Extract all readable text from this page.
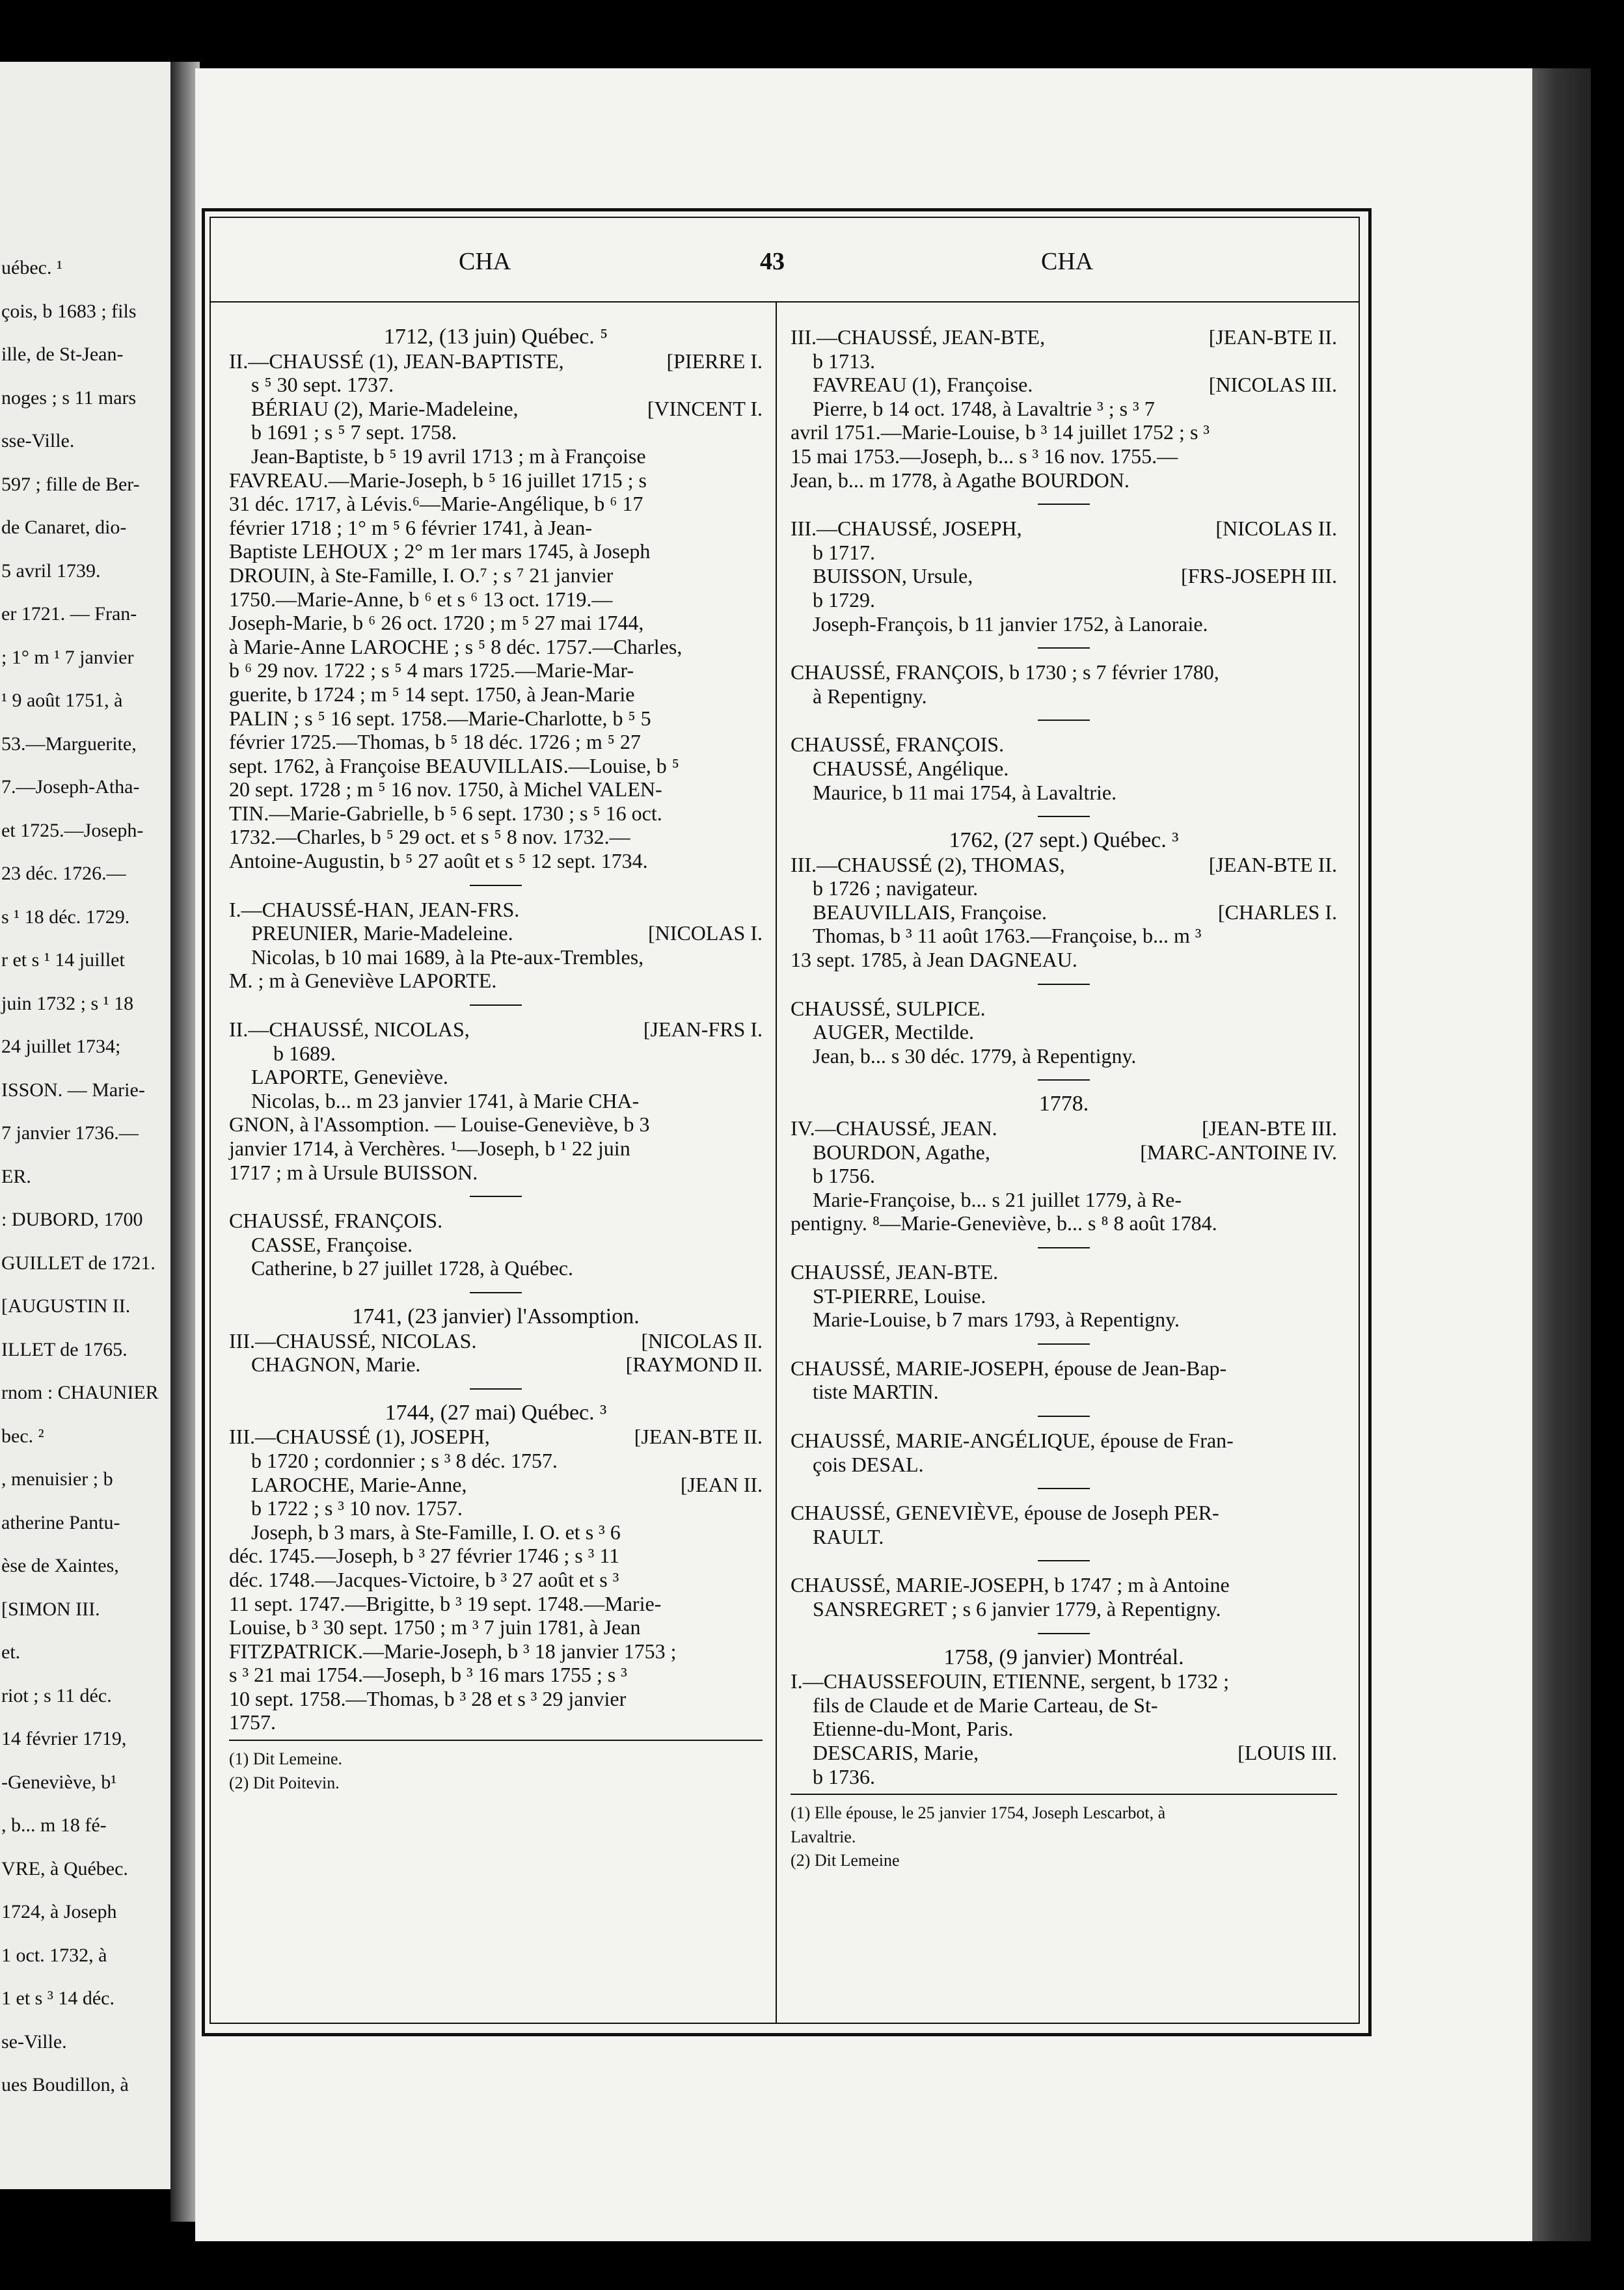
uébec. ¹
çois, b 1683 ; fils
ille, de St-Jean-
nоges ; s 11 mars
sse-Ville.
597 ; fille de Ber-
de Canaret, dio-
5 avril 1739.
er 1721. — Fran-
; 1° m ¹ 7 janvier
¹ 9 août 1751, à
53.—Marguerite,
7.—Joseph-Atha-
et 1725.—Joseph-
23 déc. 1726.—
s ¹ 18 déc. 1729.
r et s ¹ 14 juillet
juin 1732 ; s ¹ 18
24 juillet 1734;
ISSON. — Marie-
7 janvier 1736.—
ER.
: DUBORD, 1700
GUILLET de 1721.
[AUGUSTIN II.
ILLET de 1765.
rnom : CHAUNIER
bec. ²
, menuisier ; b
atherine Pantu-
èse de Xaintes,
[SIMON III.
et.
riot ; s 11 déc.
14 février 1719,
-Geneviève, b¹
, b... m 18 fé-
VRE, à Québec.
1724, à Joseph
1 oct. 1732, à
1 et s ³ 14 déc.
se-Ville.
ues Boudillon, à
CHA	43	CHA
1712, (13 juin) Québec. ⁵
II.—CHAUSSÉ (1), JEAN-BAPTISTE,	[PIERRE I.
s ⁵ 30 sept. 1737.
BÉRIAU (2), Marie-Madeleine,	[VINCENT I.
b 1691 ; s ⁵ 7 sept. 1758.
Jean-Baptiste, b ⁵ 19 avril 1713 ; m à Françoise
FAVREAU.—Marie-Joseph, b ⁵ 16 juillet 1715 ; s
31 déc. 1717, à Lévis.⁶—Marie-Angélique, b ⁶ 17
février 1718 ; 1° m ⁵ 6 février 1741, à Jean-
Baptiste LEHOUX ; 2° m 1er mars 1745, à Joseph
DROUIN, à Ste-Famille, I. O.⁷ ; s ⁷ 21 janvier
1750.—Marie-Anne, b ⁶ et s ⁶ 13 oct. 1719.—
Joseph-Marie, b ⁶ 26 oct. 1720 ; m ⁵ 27 mai 1744,
à Marie-Anne LAROCHE ; s ⁵ 8 déc. 1757.—Charles,
b ⁶ 29 nov. 1722 ; s ⁵ 4 mars 1725.—Marie-Mar-
guerite, b 1724 ; m ⁵ 14 sept. 1750, à Jean-Marie
PALIN ; s ⁵ 16 sept. 1758.—Marie-Charlotte, b ⁵ 5
février 1725.—Thomas, b ⁵ 18 déc. 1726 ; m ⁵ 27
sept. 1762, à Françoise BEAUVILLAIS.—Louise, b ⁵
20 sept. 1728 ; m ⁵ 16 nov. 1750, à Michel VALEN-
TIN.—Marie-Gabrielle, b ⁵ 6 sept. 1730 ; s ⁵ 16 oct.
1732.—Charles, b ⁵ 29 oct. et s ⁵ 8 nov. 1732.—
Antoine-Augustin, b ⁵ 27 août et s ⁵ 12 sept. 1734.
I.—CHAUSSÉ-HAN, JEAN-FRS.
PREUNIER, Marie-Madeleine.	[NICOLAS I.
Nicolas, b 10 mai 1689, à la Pte-aux-Trembles,
M. ; m à Geneviève LAPORTE.
II.—CHAUSSÉ, NICOLAS,	[JEAN-FRS I.
b 1689.
LAPORTE, Geneviève.
Nicolas, b... m 23 janvier 1741, à Marie CHA-
GNON, à l'Assomption. — Louise-Geneviève, b 3
janvier 1714, à Verchères. ¹—Joseph, b ¹ 22 juin
1717 ; m à Ursule BUISSON.
CHAUSSÉ, FRANÇOIS.
CASSE, Françoise.
Catherine, b 27 juillet 1728, à Québec.
1741, (23 janvier) l'Assomption.
III.—CHAUSSÉ, NICOLAS.	[NICOLAS II.
CHAGNON, Marie.	[RAYMOND II.
1744, (27 mai) Québec. ³
III.—CHAUSSÉ (1), JOSEPH,	[JEAN-BTE II.
b 1720 ; cordonnier ; s ³ 8 déc. 1757.
LAROCHE, Marie-Anne,	[JEAN II.
b 1722 ; s ³ 10 nov. 1757.
Joseph, b 3 mars, à Ste-Famille, I. O. et s ³ 6
déc. 1745.—Joseph, b ³ 27 février 1746 ; s ³ 11
déc. 1748.—Jacques-Victoire, b ³ 27 août et s ³
11 sept. 1747.—Brigitte, b ³ 19 sept. 1748.—Marie-
Louise, b ³ 30 sept. 1750 ; m ³ 7 juin 1781, à Jean
FITZPATRICK.—Marie-Joseph, b ³ 18 janvier 1753 ;
s ³ 21 mai 1754.—Joseph, b ³ 16 mars 1755 ; s ³
10 sept. 1758.—Thomas, b ³ 28 et s ³ 29 janvier
1757.
(1) Dit Lemeine.
(2) Dit Poitevin.
III.—CHAUSSÉ, JEAN-BTE,	[JEAN-BTE II.
b 1713.
FAVREAU (1), Françoise.	[NICOLAS III.
Pierre, b 14 oct. 1748, à Lavaltrie ³ ; s ³ 7
avril 1751.—Marie-Louise, b ³ 14 juillet 1752 ; s ³
15 mai 1753.—Joseph, b... s ³ 16 nov. 1755.—
Jean, b... m 1778, à Agathe BOURDON.
III.—CHAUSSÉ, JOSEPH,	[NICOLAS II.
b 1717.
BUISSON, Ursule,	[FRS-JOSEPH III.
b 1729.
Joseph-François, b 11 janvier 1752, à Lanoraie.
CHAUSSÉ, FRANÇOIS, b 1730 ; s 7 février 1780,
à Repentigny.
CHAUSSÉ, FRANÇOIS.
CHAUSSÉ, Angélique.
Maurice, b 11 mai 1754, à Lavaltrie.
1762, (27 sept.) Québec. ³
III.—CHAUSSÉ (2), THOMAS,	[JEAN-BTE II.
b 1726 ; navigateur.
BEAUVILLAIS, Françoise.	[CHARLES I.
Thomas, b ³ 11 août 1763.—Françoise, b... m ³
13 sept. 1785, à Jean DAGNEAU.
CHAUSSÉ, SULPICE.
AUGER, Mectilde.
Jean, b... s 30 déc. 1779, à Repentigny.
1778.
IV.—CHAUSSÉ, JEAN.	[JEAN-BTE III.
BOURDON, Agathe,	[MARC-ANTOINE IV.
b 1756.
Marie-Françoise, b... s 21 juillet 1779, à Re-
pentigny. ⁸—Marie-Geneviève, b... s ⁸ 8 août 1784.
CHAUSSÉ, JEAN-BTE.
ST-PIERRE, Louise.
Marie-Louise, b 7 mars 1793, à Repentigny.
CHAUSSÉ, MARIE-JOSEPH, épouse de Jean-Bap-
tiste MARTIN.
CHAUSSÉ, MARIE-ANGÉLIQUE, épouse de Fran-
çois DESAL.
CHAUSSÉ, GENEVIÈVE, épouse de Joseph PER-
RAULT.
CHAUSSÉ, MARIE-JOSEPH, b 1747 ; m à Antoine
SANSREGRET ; s 6 janvier 1779, à Repentigny.
1758, (9 janvier) Montréal.
I.—CHAUSSEFOUIN, ETIENNE, sergent, b 1732 ;
fils de Claude et de Marie Carteau, de St-
Etienne-du-Mont, Paris.
DESCARIS, Marie,	[LOUIS III.
b 1736.
(1) Elle épouse, le 25 janvier 1754, Joseph Lescarbot, à
Lavaltrie.
(2) Dit Lemeine
